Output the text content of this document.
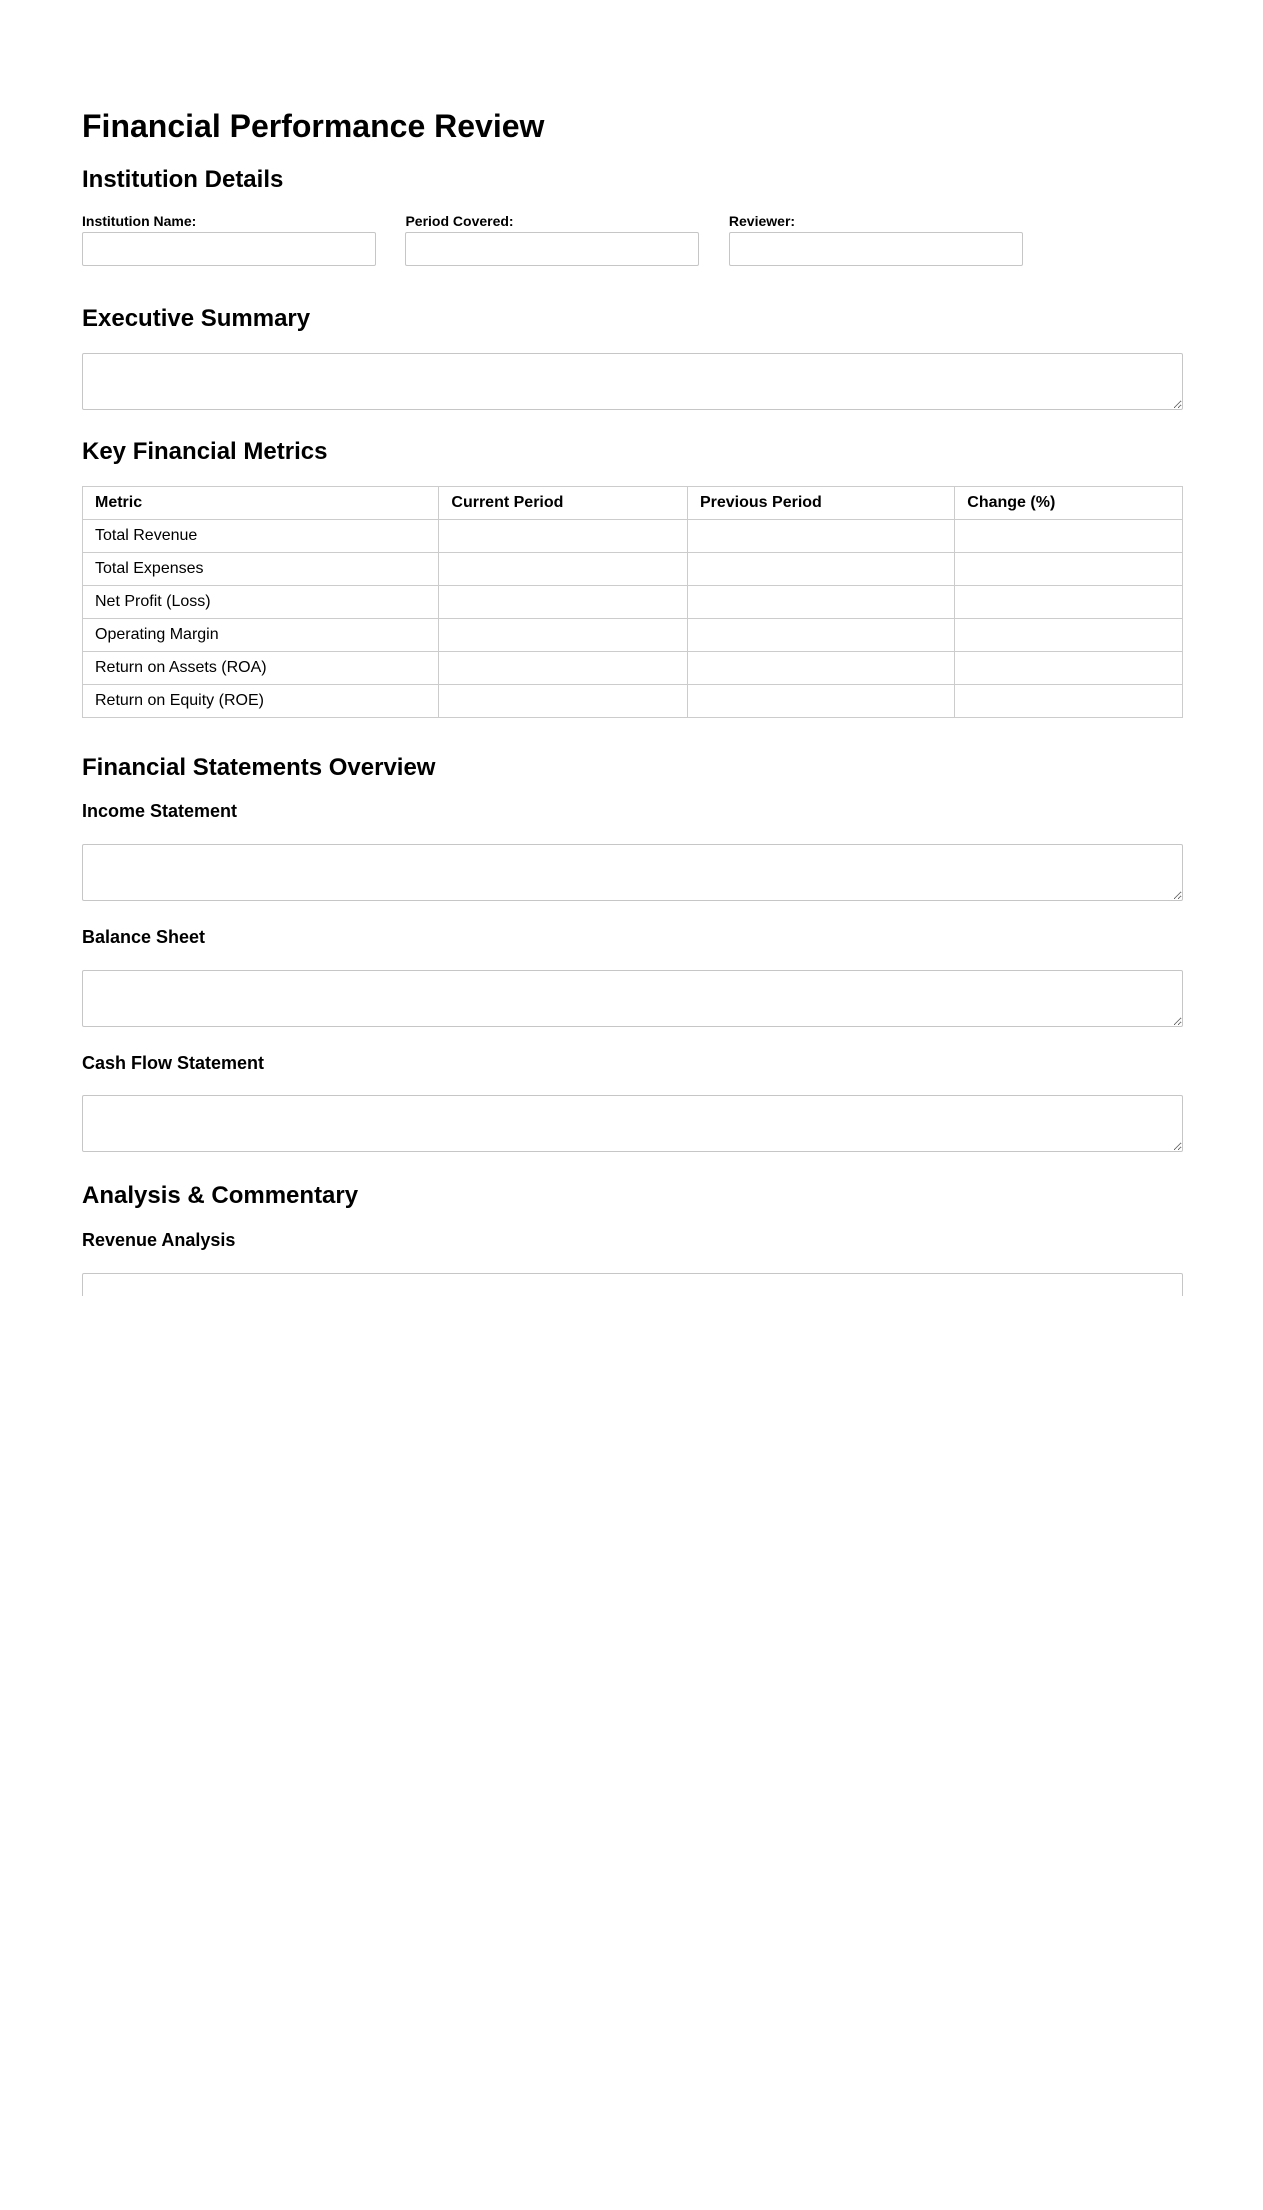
Financial Performance Review
Institution Details
Institution Name:
	Period Covered:
	Reviewer:
Executive Summary
Key Financial Metrics
Metric	Current Period	Previous Period	Change (%)
Total Revenue			
Total Expenses			
Net Profit (Loss)			
Operating Margin			
Return on Assets (ROA)			
Return on Equity (ROE)			
Financial Statements Overview
Income Statement
Balance Sheet
Cash Flow Statement
Analysis & Commentary
Revenue Analysis
